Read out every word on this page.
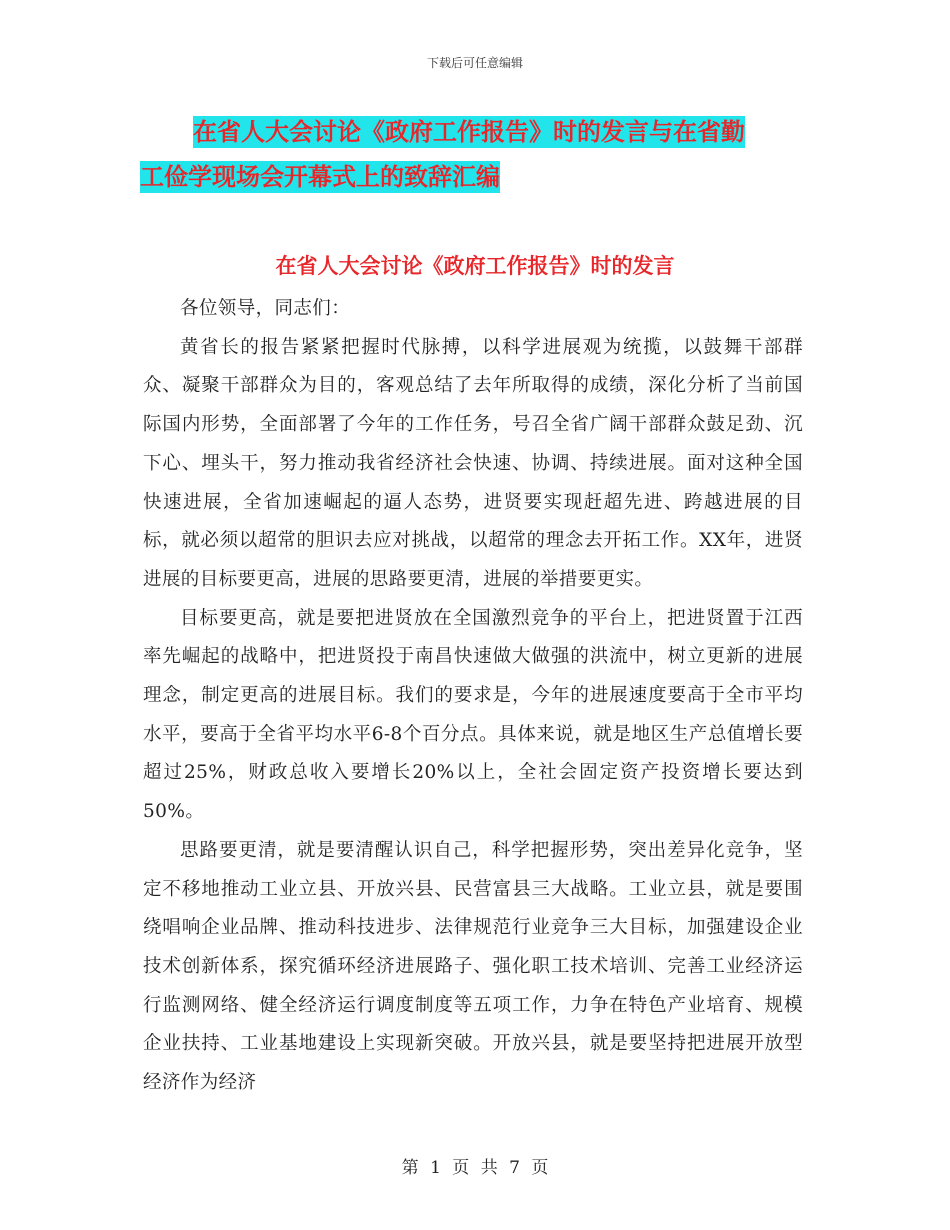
下载后可任意编辑
在省人大会讨论《政府工作报告》时的发言与在省勤
工俭学现场会开幕式上的致辞汇编
在省人大会讨论《政府工作报告》时的发言

各位领导，同志们：

黄省长的报告紧紧把握时代脉搏，以科学进展观为统揽，以鼓舞干部群众、凝聚干部群众为目的，客观总结了去年所取得的成绩，深化分析了当前国际国内形势，全面部署了今年的工作任务，号召全省广阔干部群众鼓足劲、沉下心、埋头干，努力推动我省经济社会快速、协调、持续进展。面对这种全国快速进展，全省加速崛起的逼人态势，进贤要实现赶超先进、跨越进展的目标，就必须以超常的胆识去应对挑战，以超常的理念去开拓工作。XX年，进贤进展的目标要更高，进展的思路要更清，进展的举措要更实。

目标要更高，就是要把进贤放在全国激烈竞争的平台上，把进贤置于江西率先崛起的战略中，把进贤投于南昌快速做大做强的洪流中，树立更新的进展理念，制定更高的进展目标。我们的要求是，今年的进展速度要高于全市平均水平，要高于全省平均水平6-8个百分点。具体来说，就是地区生产总值增长要超过25%，财政总收入要增长20%以上，全社会固定资产投资增长要达到50%。

思路要更清，就是要清醒认识自己，科学把握形势，突出差异化竞争，坚定不移地推动工业立县、开放兴县、民营富县三大战略。工业立县，就是要围绕唱响企业品牌、推动科技进步、法律规范行业竞争三大目标，加强建设企业技术创新体系，探究循环经济进展路子、强化职工技术培训、完善工业经济运行监测网络、健全经济运行调度制度等五项工作，力争在特色产业培育、规模企业扶持、工业基地建设上实现新突破。开放兴县，就是要坚持把进展开放型经济作为经济

第 1 页 共 7 页
